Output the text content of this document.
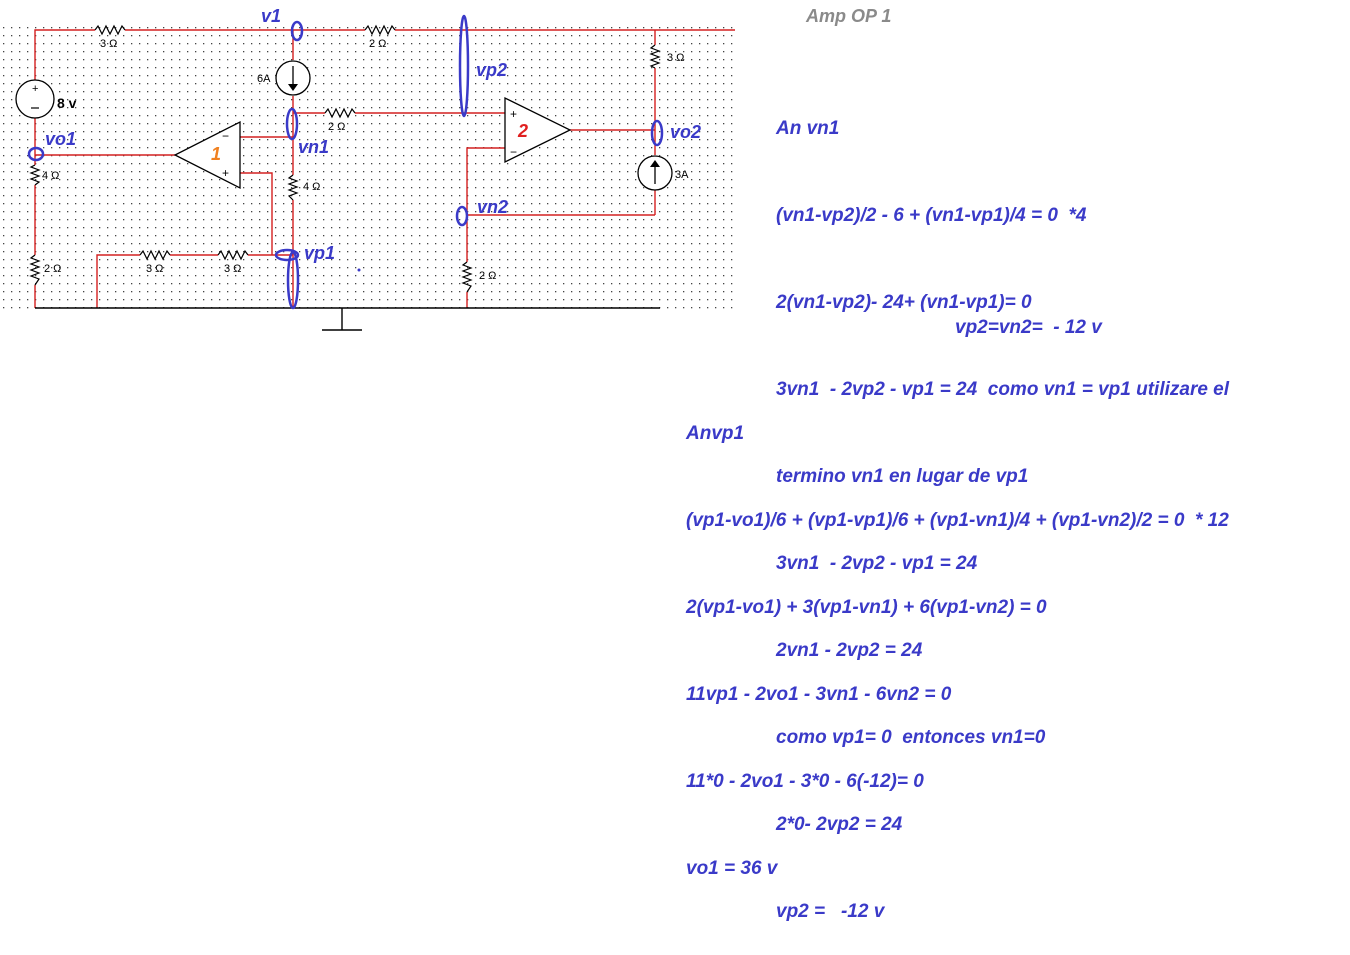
3 Ω	2 Ω
3 Ω
2 Ω
4 Ω
4 Ω
2 Ω	3 Ω	3 Ω
2 Ω
+
8 v
6A
3A
−
+
1
+
−
2
v1
vo1	vn1
vp1
vp2
vn2
vo2
Amp OP 1

An vn1

(vn1-vp2)/2 - 6 + (vn1-vp1)/4 = 0  *4

2(vn1-vp2)- 24+ (vn1-vp1)= 0

3vn1  - 2vp2 - vp1 = 24  como vn1 = vp1 utilizare el

termino vn1 en lugar de vp1

3vn1  - 2vp2 - vp1 = 24

2vn1 - 2vp2 = 24

como vp1= 0  entonces vn1=0

2*0- 2vp2 = 24

vp2 =   -12 v

vp2=vn2=  - 12 v

Anvp1

(vp1-vo1)/6 + (vp1-vp1)/6 + (vp1-vn1)/4 + (vp1-vn2)/2 = 0  * 12

2(vp1-vo1) + 3(vp1-vn1) + 6(vp1-vn2) = 0

11vp1 - 2vo1 - 3vn1 - 6vn2 = 0

11*0 - 2vo1 - 3*0 - 6(-12)= 0

vo1 = 36 v
